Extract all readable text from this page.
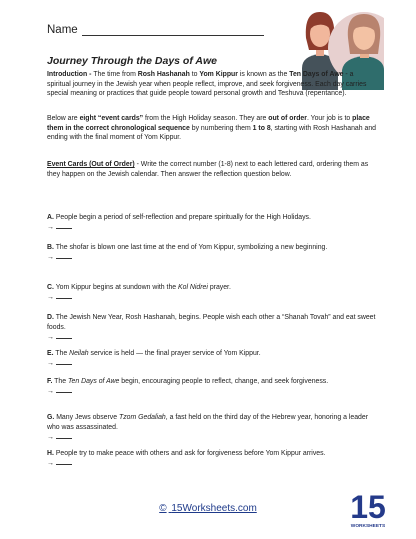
Name
Journey Through the Days of Awe
Introduction - The time from Rosh Hashanah to Yom Kippur is known as the Ten Days of Awe - a spiritual journey in the Jewish year when people reflect, improve, and seek forgiveness. Each day carries special meaning or practices that guide people toward personal growth and Teshuva (repentance).
Below are eight “event cards” from the High Holiday season. They are out of order. Your job is to place them in the correct chronological sequence by numbering them 1 to 8, starting with Rosh Hashanah and ending with the final moment of Yom Kippur.
Event Cards (Out of Order) - Write the correct number (1-8) next to each lettered card, ordering them as they happen on the Jewish calendar. Then answer the reflection question below.
A. People begin a period of self-reflection and prepare spiritually for the High Holidays.
→
B. The shofar is blown one last time at the end of Yom Kippur, symbolizing a new beginning.
→
C. Yom Kippur begins at sundown with the Kol Nidrei prayer.
→
D. The Jewish New Year, Rosh Hashanah, begins. People wish each other a “Shanah Tovah” and eat sweet foods.
→
E. The Neilah service is held — the final prayer service of Yom Kippur.
→
F. The Ten Days of Awe begin, encouraging people to reflect, change, and seek forgiveness.
→
G. Many Jews observe Tzom Gedaliah, a fast held on the third day of the Hebrew year, honoring a leader who was assassinated.
→
H. People try to make peace with others and ask for forgiveness before Yom Kippur arrives.
→
© 15Worksheets.com	15
WORKSHEETS
